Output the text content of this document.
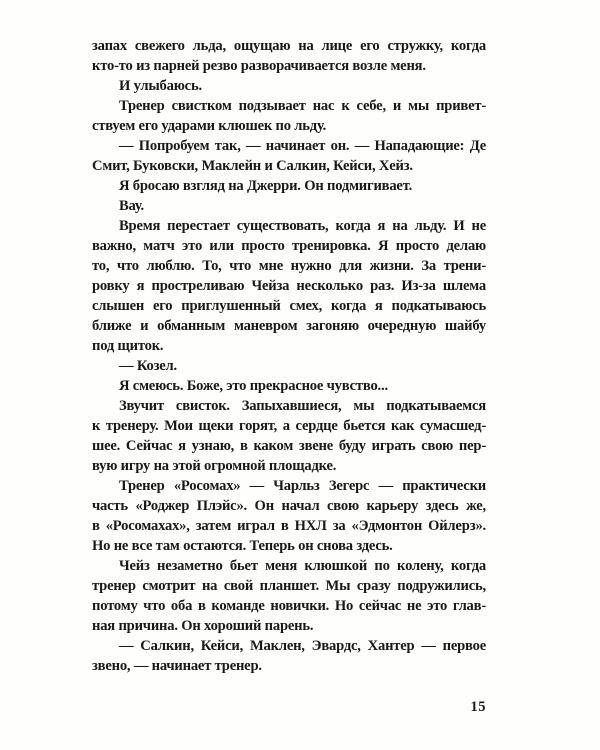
запах свежего льда, ощущаю на лице его стружку, когда
кто-то из парней резво разворачивается возле меня.
И улыбаюсь.
Тренер свистком подзывает нас к себе, и мы привет-
ствуем его ударами клюшек по льду.
— Попробуем так, — начинает он. — Нападающие: Де
Смит, Буковски, Маклейн и Салкин, Кейси, Хейз.
Я бросаю взгляд на Джерри. Он подмигивает.
Вау.
Время перестает существовать, когда я на льду. И не
важно, матч это или просто тренировка. Я просто делаю
то, что люблю. То, что мне нужно для жизни. За трени-
ровку я простреливаю Чейза несколько раз. Из-за шлема
слышен его приглушенный смех, когда я подкатываюсь
ближе и обманным маневром загоняю очередную шайбу
под щиток.
— Козел.
Я смеюсь. Боже, это прекрасное чувство...
Звучит свисток. Запыхавшиеся, мы подкатываемся
к тренеру. Мои щеки горят, а сердце бьется как сумасшед-
шее. Сейчас я узнаю, в каком звене буду играть свою пер-
вую игру на этой огромной площадке.
Тренер «Росомах» — Чарльз Зегерс — практически
часть «Роджер Плэйс». Он начал свою карьеру здесь же,
в «Росомахах», затем играл в НХЛ за «Эдмонтон Ойлерз».
Но не все там остаются. Теперь он снова здесь.
Чейз незаметно бьет меня клюшкой по колену, когда
тренер смотрит на свой планшет. Мы сразу подружились,
потому что оба в команде новички. Но сейчас не это глав-
ная причина. Он хороший парень.
— Салкин, Кейси, Маклен, Эвардс, Хантер — первое
звено, — начинает тренер.
15
